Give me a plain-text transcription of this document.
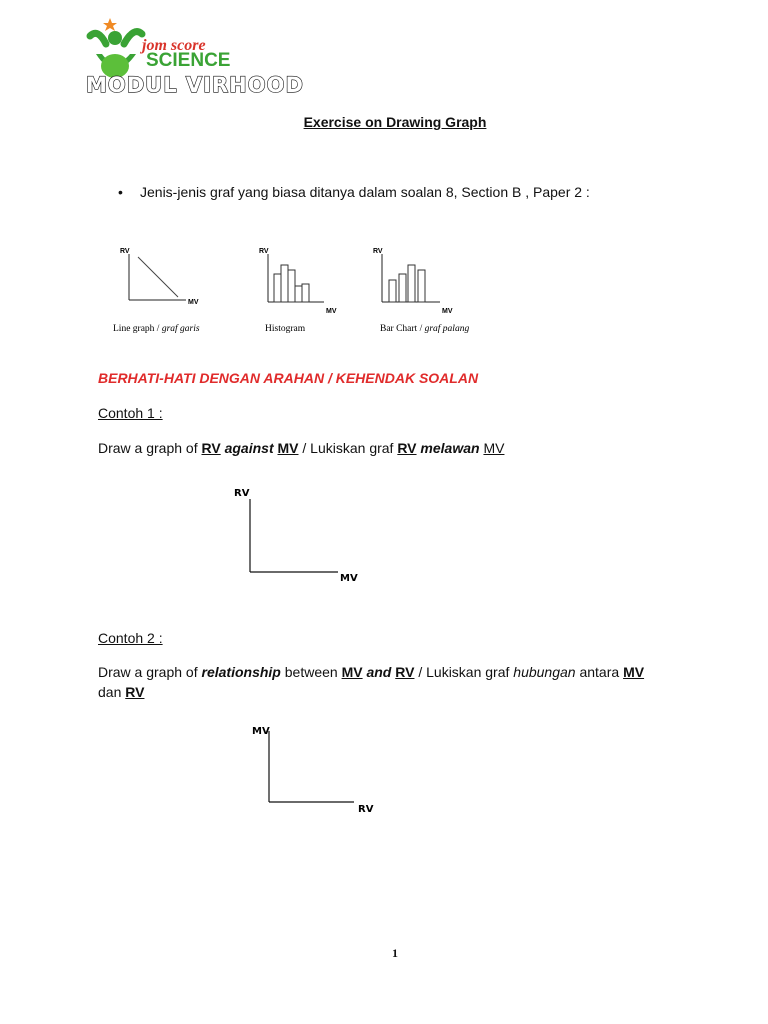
jom score
SCIENCE
MODUL VIRHOOD
Exercise on Drawing Graph
• Jenis-jenis graf yang biasa ditanya dalam soalan 8, Section B , Paper 2 :
RV
MV
Line graph / graf garis
RV
MV
Histogram
RV
MV
Bar Chart / graf palang
BERHATI-HATI DENGAN ARAHAN / KEHENDAK SOALAN
Contoh 1 :
Draw a graph of RV against MV / Lukiskan graf RV melawan MV
RV
MV
Contoh 2 :
Draw a graph of relationship between MV and RV / Lukiskan graf hubungan antara MV
dan RV
MV
RV
1
